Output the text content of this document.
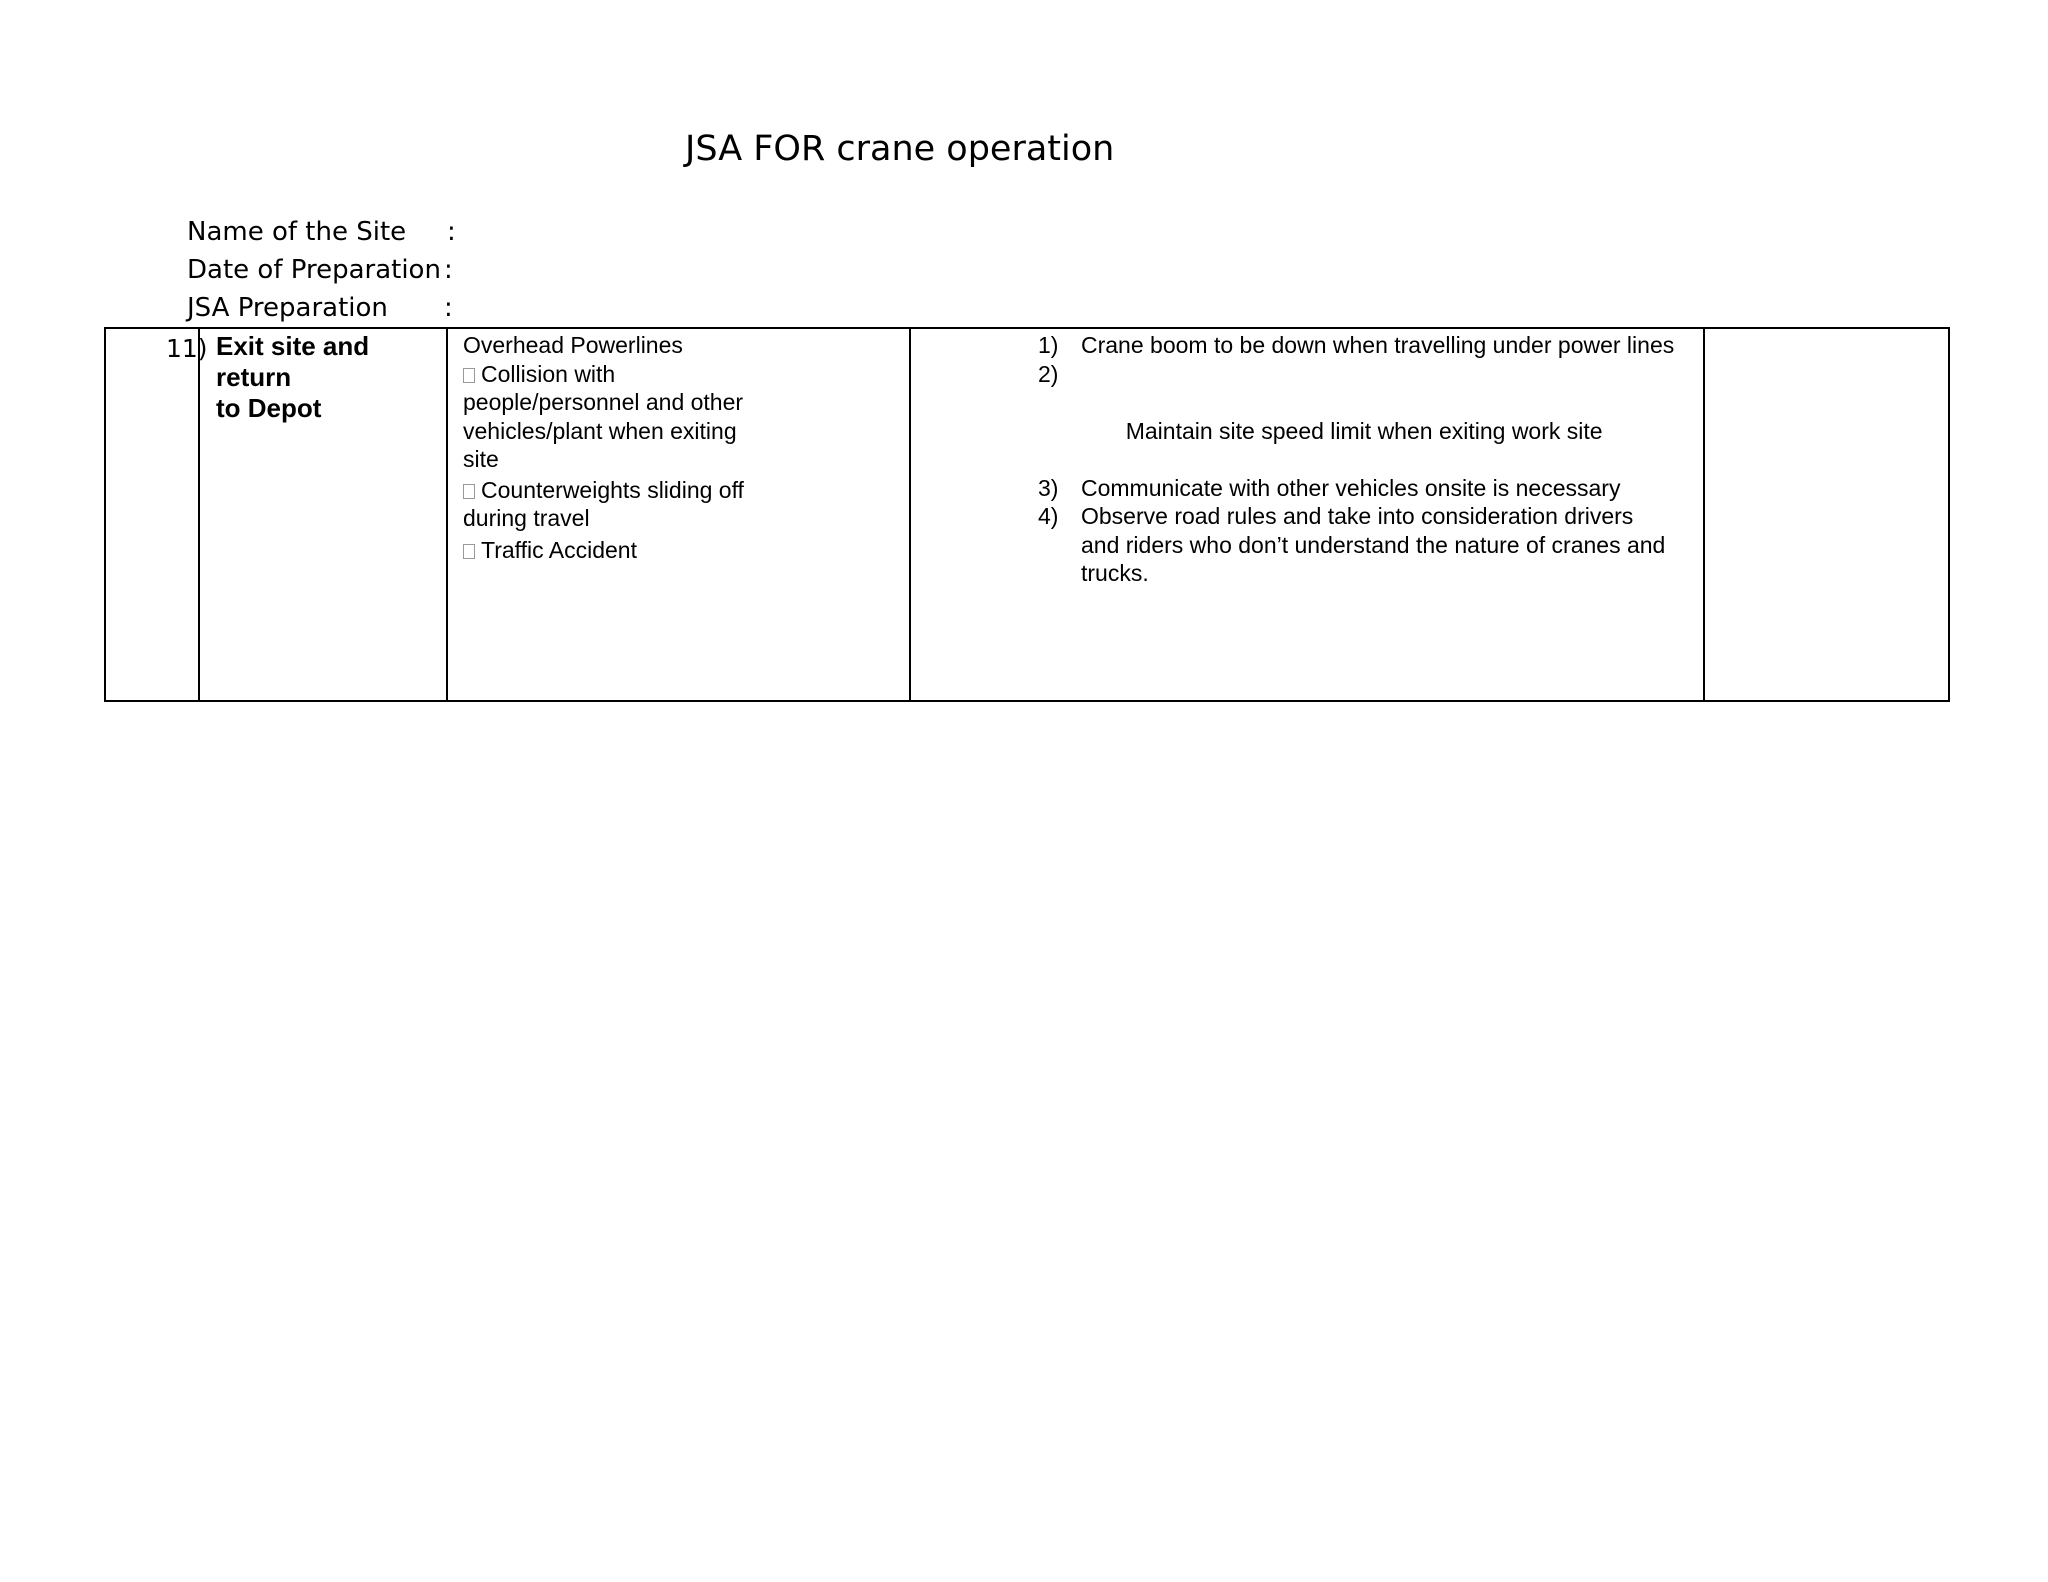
JSA FOR crane operation
Name of the Site :
Date of Preparation :
JSA Preparation :
11) Exit site and
return
to Depot
Overhead Powerlines
Collision with people/personnel and other vehicles/plant when exiting site
Counterweights sliding off during travel
Traffic Accident
1) Crane boom to be down when travelling under power lines

2)

Maintain site speed limit when exiting work site

3) Communicate with other vehicles onsite is necessary
4) Observe road rules and take into consideration drivers and riders who don’t understand the nature of cranes and trucks.
